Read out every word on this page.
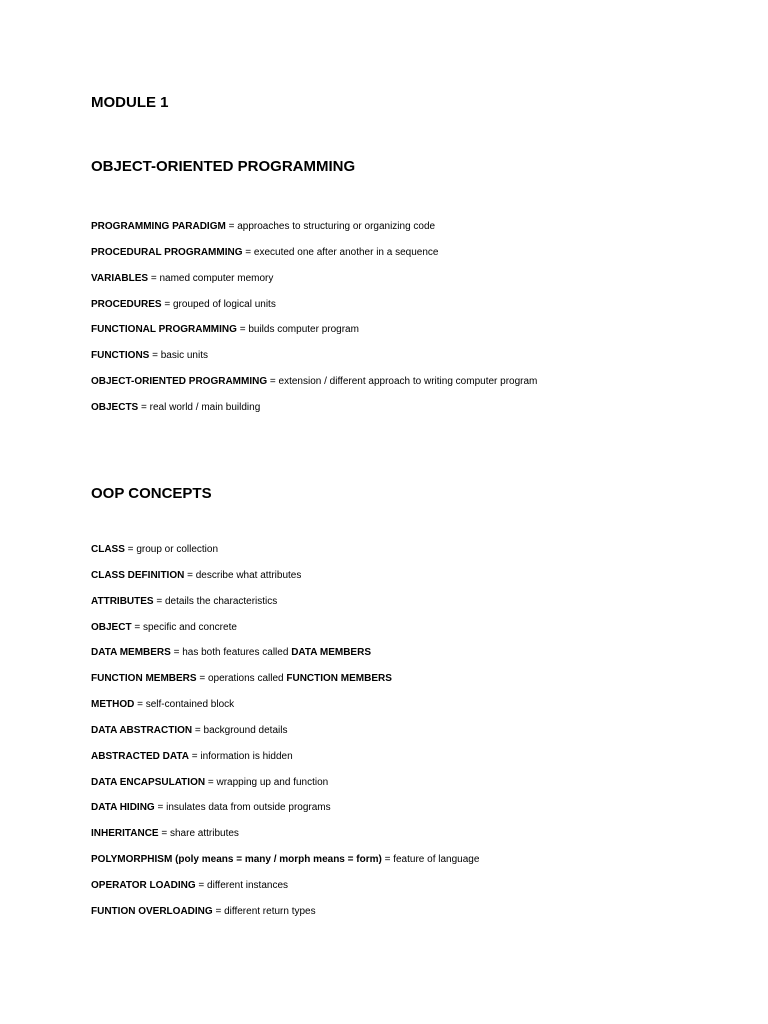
MODULE 1
OBJECT-ORIENTED PROGRAMMING
PROGRAMMING PARADIGM = approaches to structuring or organizing code
PROCEDURAL PROGRAMMING = executed one after another in a sequence
VARIABLES = named computer memory
PROCEDURES = grouped of logical units
FUNCTIONAL PROGRAMMING = builds computer program
FUNCTIONS = basic units
OBJECT-ORIENTED PROGRAMMING = extension / different approach to writing computer program
OBJECTS = real world / main building
OOP CONCEPTS
CLASS = group or collection
CLASS DEFINITION = describe what attributes
ATTRIBUTES = details the characteristics
OBJECT = specific and concrete
DATA MEMBERS = has both features called DATA MEMBERS
FUNCTION MEMBERS = operations called FUNCTION MEMBERS
METHOD = self-contained block
DATA ABSTRACTION = background details
ABSTRACTED DATA = information is hidden
DATA ENCAPSULATION = wrapping up and function
DATA HIDING = insulates data from outside programs
INHERITANCE = share attributes
POLYMORPHISM (poly means = many / morph means = form) = feature of language
OPERATOR LOADING = different instances
FUNTION OVERLOADING = different return types
